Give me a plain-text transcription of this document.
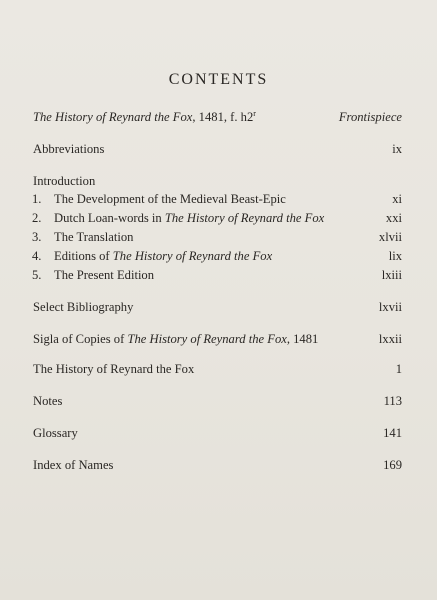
CONTENTS
The History of Reynard the Fox, 1481, f. h2$^r$	Frontispiece
Abbreviations	ix
Introduction
1. The Development of the Medieval Beast-Epic	xi
2. Dutch Loan-words in The History of Reynard the Fox	xxi
3. The Translation	xlvii
4. Editions of The History of Reynard the Fox	lix
5. The Present Edition	lxiii
Select Bibliography	lxvii
Sigla of Copies of The History of Reynard the Fox, 1481	lxxii
The History of Reynard the Fox	1
Notes	113
Glossary	141
Index of Names	169
